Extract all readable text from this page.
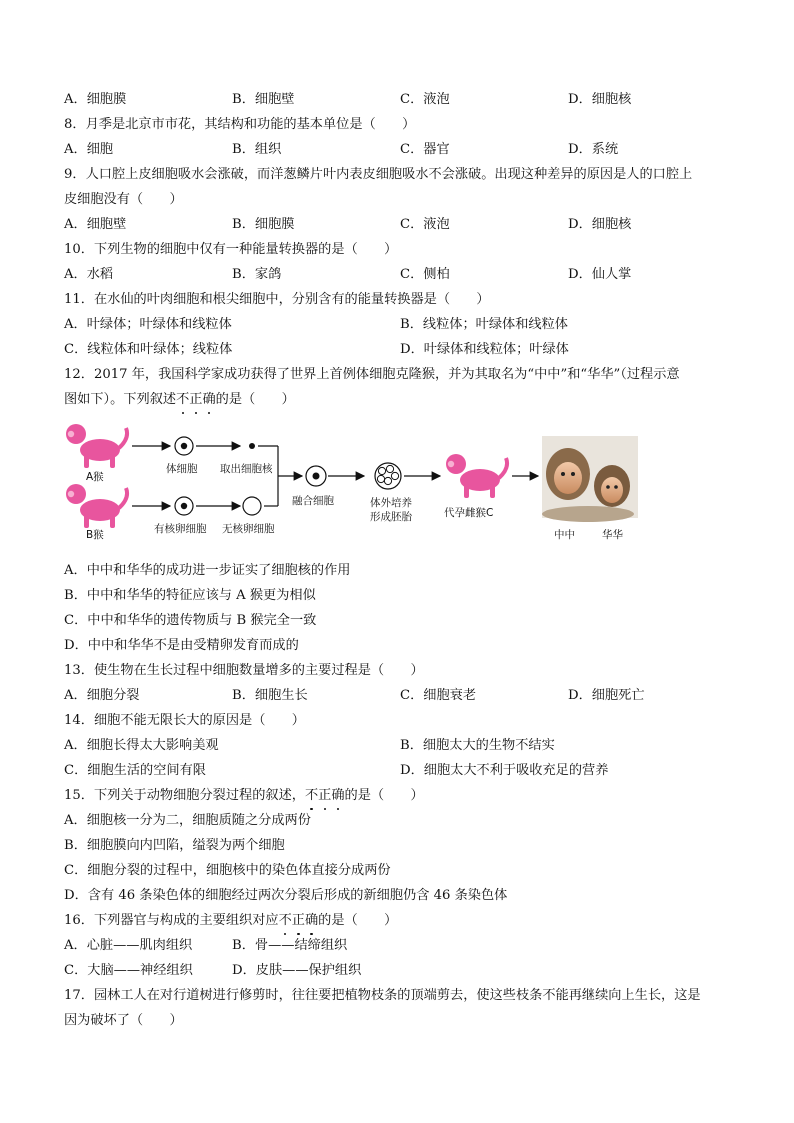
A．细胞膜	B．细胞壁	C．液泡	D．细胞核
8．月季是北京市市花，其结构和功能的基本单位是（　　）
A．细胞	B．组织	C．器官	D．系统
9．人口腔上皮细胞吸水会涨破，而洋葱鳞片叶内表皮细胞吸水不会涨破。出现这种差异的原因是人的口腔上
皮细胞没有（　　）
A．细胞壁	B．细胞膜	C．液泡	D．细胞核
10．下列生物的细胞中仅有一种能量转换器的是（　　）
A．水稻	B．家鸽	C．侧柏	D．仙人掌
11．在水仙的叶肉细胞和根尖细胞中，分别含有的能量转换器是（　　）
A．叶绿体；叶绿体和线粒体	B．线粒体；叶绿体和线粒体
C．线粒体和叶绿体；线粒体	D．叶绿体和线粒体；叶绿体
12．2017 年，我国科学家成功获得了世界上首例体细胞克隆猴，并为其取名为“中中”和“华华”（过程示意
图如下）。下列叙述不正确的是（　　）
A猴
B猴
体细胞 取出细胞核
有核卵细胞 无核卵细胞
融合细胞	体外培养
形成胚胎	代孕雌猴C
中中	华华
A．中中和华华的成功进一步证实了细胞核的作用
B．中中和华华的特征应该与 A 猴更为相似
C．中中和华华的遗传物质与 B 猴完全一致
D．中中和华华不是由受精卵发育而成的
13．使生物在生长过程中细胞数量增多的主要过程是（　　）
A．细胞分裂	B．细胞生长	C．细胞衰老	D．细胞死亡
14．细胞不能无限长大的原因是（　　）
A．细胞长得太大影响美观	B．细胞太大的生物不结实
C．细胞生活的空间有限	D．细胞太大不利于吸收充足的营养
15．下列关于动物细胞分裂过程的叙述，不正确的是（　　）
A．细胞核一分为二，细胞质随之分成两份
B．细胞膜向内凹陷，缢裂为两个细胞
C．细胞分裂的过程中，细胞核中的染色体直接分成两份
D．含有 46 条染色体的细胞经过两次分裂后形成的新细胞仍含 46 条染色体
16．下列器官与构成的主要组织对应不正确的是（　　）
A．心脏——肌肉组织	B．骨——结缔组织
C．大脑——神经组织	D．皮肤——保护组织
17．园林工人在对行道树进行修剪时，往往要把植物枝条的顶端剪去，使这些枝条不能再继续向上生长，这是
因为破坏了（　　）
